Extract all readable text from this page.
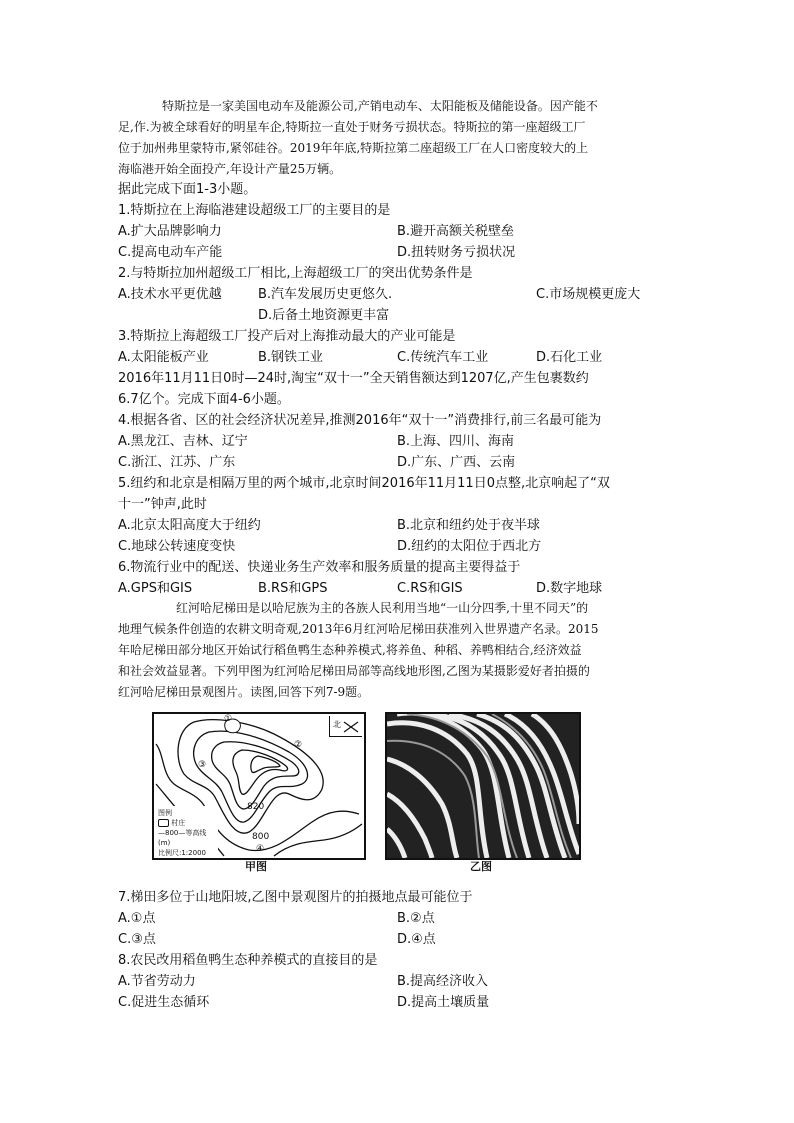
特斯拉是一家美国电动车及能源公司,产销电动车、太阳能板及储能设备。因产能不
足,作.为被全球看好的明星车企,特斯拉一直处于财务亏损状态。特斯拉的第一座超级工厂
位于加州弗里蒙特市,紧邻硅谷。2019年年底,特斯拉第二座超级工厂在人口密度较大的上
海临港开始全面投产,年设计产量25万辆。
据此完成下面1-3小题。
1.特斯拉在上海临港建设超级工厂的主要目的是
A.扩大品牌影响力	B.避开高额关税壁垒
C.提高电动车产能	D.扭转财务亏损状况
2.与特斯拉加州超级工厂相比,上海超级工厂的突出优势条件是
A.技术水平更优越	B.汽车发展历史更悠久.	C.市场规模更庞大
D.后备土地资源更丰富
3.特斯拉上海超级工厂投产后对上海推动最大的产业可能是
A.太阳能板产业	B.钢铁工业	C.传统汽车工业	D.石化工业
2016年11月11日0时—24时,淘宝“双十一”全天销售额达到1207亿,产生包裹数约
6.7亿个。完成下面4-6小题。
4.根据各省、区的社会经济状况差异,推测2016年“双十一”消费排行,前三名最可能为
A.黑龙江、吉林、辽宁	B.上海、四川、海南
C.浙江、江苏、广东	D.广东、广西、云南
5.纽约和北京是相隔万里的两个城市,北京时间2016年11月11日0点整,北京响起了“双
十一”钟声,此时
A.北京太阳高度大于纽约	B.北京和纽约处于夜半球
C.地球公转速度变快	D.纽约的太阳位于西北方
6.物流行业中的配送、快递业务生产效率和服务质量的提高主要得益于
A.GPS和GIS	B.RS和GPS	C.RS和GIS	D.数字地球
红河哈尼梯田是以哈尼族为主的各族人民利用当地“一山分四季,十里不同天”的
地理气候条件创造的农耕文明奇观,2013年6月红河哈尼梯田获准列入世界遗产名录。2015
年哈尼梯田部分地区开始试行稻鱼鸭生态种养模式,将养鱼、种稻、养鸭相结合,经济效益
和社会效益显著。下列甲图为红河哈尼梯田局部等高线地形图,乙图为某摄影爱好者拍摄的
红河哈尼梯田景观图片。读图,回答下列7-9题。
①
②
③
④
820
800
北
图例
村庄
—800—等高线(m)
比例尺:1:2000
甲图	乙图
7.梯田多位于山地阳坡,乙图中景观图片的拍摄地点最可能位于
A.①点	B.②点
C.③点	D.④点
8.农民改用稻鱼鸭生态种养模式的直接目的是
A.节省劳动力	B.提高经济收入
C.促进生态循环	D.提高土壤质量
